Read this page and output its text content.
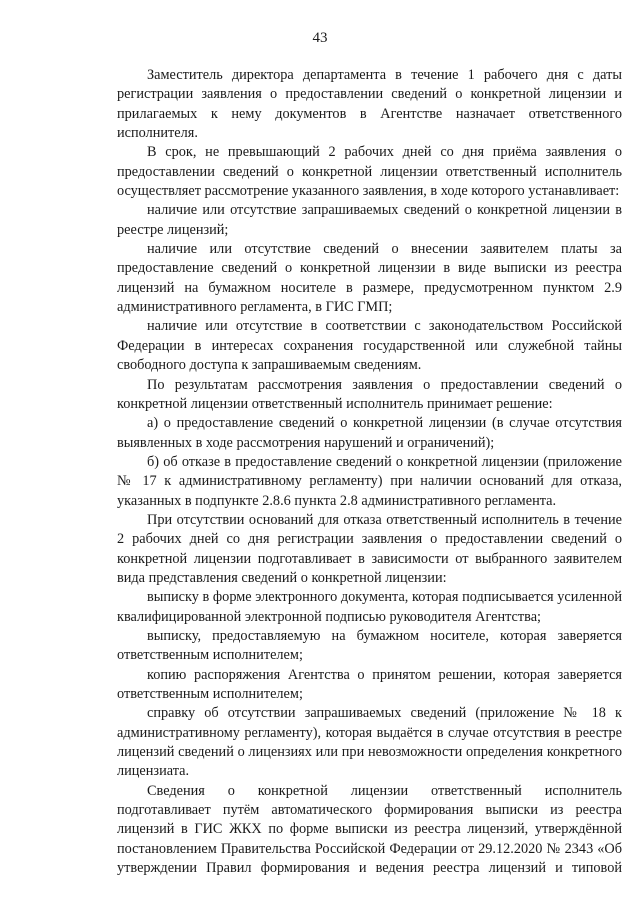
43

Заместитель директора департамента в течение 1 рабочего дня с даты регистрации заявления о предоставлении сведений о конкретной лицензии и прилагаемых к нему документов в Агентстве назначает ответственного исполнителя.

В срок, не превышающий 2 рабочих дней со дня приёма заявления о предоставлении сведений о конкретной лицензии ответственный исполнитель осуществляет рассмотрение указанного заявления, в ходе которого устанавливает:

наличие или отсутствие запрашиваемых сведений о конкретной лицензии в реестре лицензий;

наличие или отсутствие сведений о внесении заявителем платы за предоставление сведений о конкретной лицензии в виде выписки из реестра лицензий на бумажном носителе в размере, предусмотренном пунктом 2.9 административного регламента, в ГИС ГМП;

наличие или отсутствие в соответствии с законодательством Российской Федерации в интересах сохранения государственной или служебной тайны свободного доступа к запрашиваемым сведениям.

По результатам рассмотрения заявления о предоставлении сведений о конкретной лицензии ответственный исполнитель принимает решение:

а) о предоставление сведений о конкретной лицензии (в случае отсутствия выявленных в ходе рассмотрения нарушений и ограничений);

б) об отказе в предоставление сведений о конкретной лицензии (приложение № 17 к административному регламенту) при наличии оснований для отказа, указанных в подпункте 2.8.6 пункта 2.8 административного регламента.

При отсутствии оснований для отказа ответственный исполнитель в течение 2 рабочих дней со дня регистрации заявления о предоставлении сведений о конкретной лицензии подготавливает в зависимости от выбранного заявителем вида представления сведений о конкретной лицензии:

выписку в форме электронного документа, которая подписывается усиленной квалифицированной электронной подписью руководителя Агентства;

выписку, предоставляемую на бумажном носителе, которая заверяется ответственным исполнителем;

копию распоряжения Агентства о принятом решении, которая заверяется ответственным исполнителем;

справку об отсутствии запрашиваемых сведений (приложение № 18 к административному регламенту), которая выдаётся в случае отсутствия в реестре лицензий сведений о лицензиях или при невозможности определения конкретного лицензиата.

Сведения о конкретной лицензии ответственный исполнитель подготавливает путём автоматического формирования выписки из реестра лицензий в ГИС ЖКХ по форме выписки из реестра лицензий, утверждённой постановлением Правительства Российской Федерации от 29.12.2020 № 2343 «Об утверждении Правил формирования и ведения реестра лицензий и типовой
